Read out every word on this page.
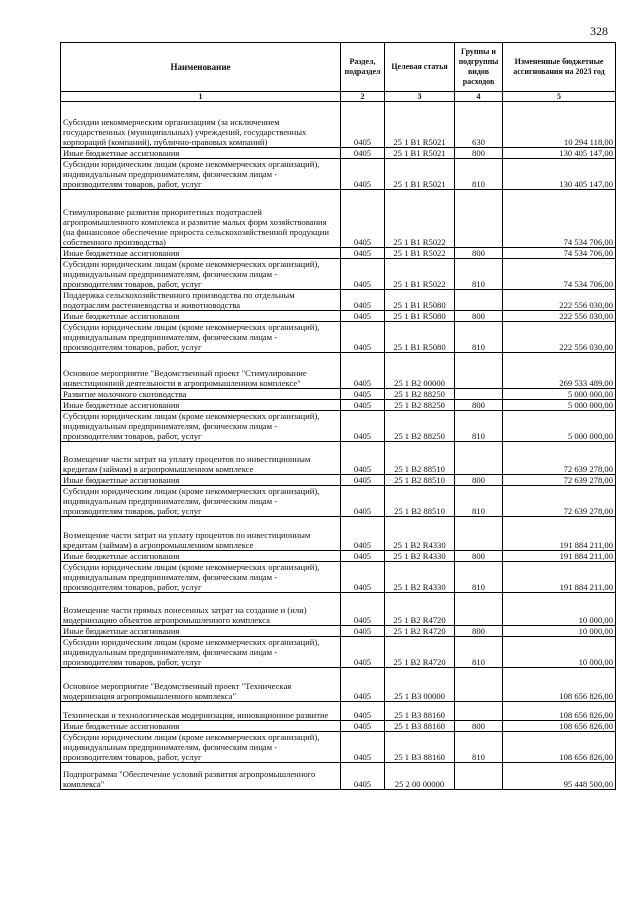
328
Наименование	Раздел, подраздел	Целевая статья	Группы и подгруппы видов расходов	Измененные бюджетные ассигнования на 2023 год
1	2	3	4	5
Субсидии некоммерческим организациям (за исключением государственных (муниципальных) учреждений, государственных корпораций (компаний), публично-правовых компаний)	0405	25 1 B1 R5021	630	10 294 118,00
Иные бюджетные ассигнования	0405	25 1 B1 R5021	800	130 405 147,00
Субсидии юридическим лицам (кроме некоммерческих организаций), индивидуальным предпринимателям, физическим лицам - производителям товаров, работ, услуг	0405	25 1 B1 R5021	810	130 405 147,00
Стимулирование развития приоритетных подотраслей агропромышленного комплекса и развитие малых форм хозяйствования (на финансовое обеспечение прироста сельскохозяйственной продукции собственного производства)	0405	25 1 B1 R5022		74 534 706,00
Иные бюджетные ассигнования	0405	25 1 B1 R5022	800	74 534 706,00
Субсидии юридическим лицам (кроме некоммерческих организаций), индивидуальным предпринимателям, физическим лицам - производителям товаров, работ, услуг	0405	25 1 B1 R5022	810	74 534 706,00
Поддержка сельскохозяйственного производства по отдельным подотраслям растениеводства и животноводства	0405	25 1 B1 R5080		222 556 030,00
Иные бюджетные ассигнования	0405	25 1 B1 R5080	800	222 556 030,00
Субсидии юридическим лицам (кроме некоммерческих организаций), индивидуальным предпринимателям, физическим лицам - производителям товаров, работ, услуг	0405	25 1 B1 R5080	810	222 556 030,00
Основное мероприятие "Ведомственный проект "Стимулирование инвестиционной деятельности в агропромышленном комплексе"	0405	25 1 B2 00000		269 533 489,00
Развитие молочного скотоводства	0405	25 1 B2 88250		5 000 000,00
Иные бюджетные ассигнования	0405	25 1 B2 88250	800	5 000 000,00
Субсидии юридическим лицам (кроме некоммерческих организаций), индивидуальным предпринимателям, физическим лицам - производителям товаров, работ, услуг	0405	25 1 B2 88250	810	5 000 000,00
Возмещение части затрат на уплату процентов по инвестиционным кредитам (займам) в агропромышленном комплексе	0405	25 1 B2 88510		72 639 278,00
Иные бюджетные ассигнования	0405	25 1 B2 88510	800	72 639 278,00
Субсидии юридическим лицам (кроме некоммерческих организаций), индивидуальным предпринимателям, физическим лицам - производителям товаров, работ, услуг	0405	25 1 B2 88510	810	72 639 278,00
Возмещение части затрат на уплату процентов по инвестиционным кредитам (займам) в агропромышленном комплексе	0405	25 1 B2 R4330		191 884 211,00
Иные бюджетные ассигнования	0405	25 1 B2 R4330	800	191 884 211,00
Субсидии юридическим лицам (кроме некоммерческих организаций), индивидуальным предпринимателям, физическим лицам - производителям товаров, работ, услуг	0405	25 1 B2 R4330	810	191 884 211,00
Возмещение части прямых понесенных затрат на создание и (или) модернизацию объектов агропромышленного комплекса	0405	25 1 B2 R4720		10 000,00
Иные бюджетные ассигнования	0405	25 1 B2 R4720	800	10 000,00
Субсидии юридическим лицам (кроме некоммерческих организаций), индивидуальным предпринимателям, физическим лицам - производителям товаров, работ, услуг	0405	25 1 B2 R4720	810	10 000,00
Основное мероприятие "Ведомственный проект "Техническая модернизация агропромышленного комплекса"	0405	25 1 B3 00000		108 656 826,00
Техническая и технологическая модернизация, инновационное развитие	0405	25 1 B3 88160		108 656 826,00
Иные бюджетные ассигнования	0405	25 1 B3 88160	800	108 656 826,00
Субсидии юридическим лицам (кроме некоммерческих организаций), индивидуальным предпринимателям, физическим лицам - производителям товаров, работ, услуг	0405	25 1 B3 88160	810	108 656 826,00
Подпрограмма "Обеспечение условий развития агропромышленного комплекса"	0405	25 2 00 00000		95 448 500,00
